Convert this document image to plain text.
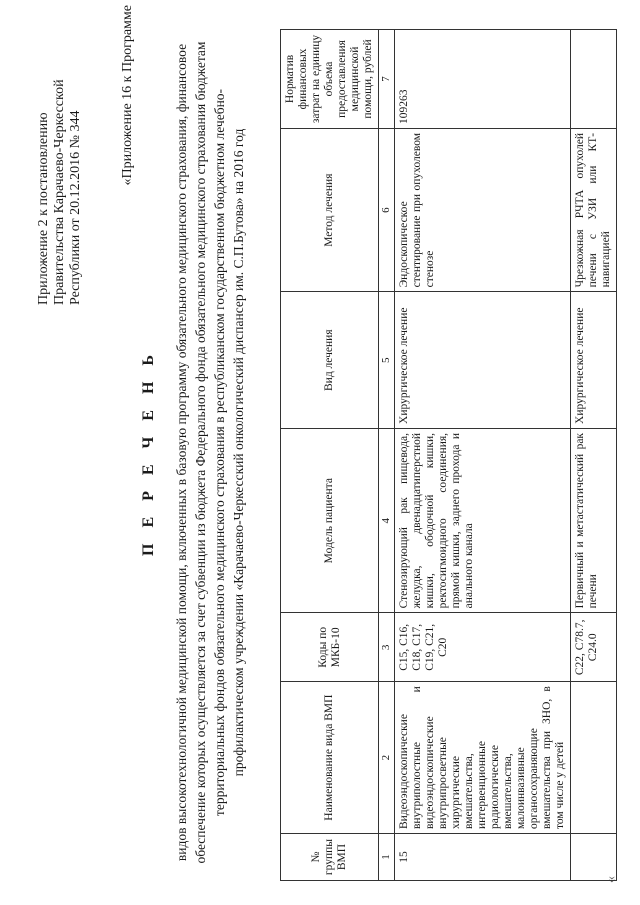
«
Приложение 2 к постановлению Правительства Карачаево-Черкесской Республики от 20.12.2016 № 344
«Приложение 16 к Программе
П Е Р Е Ч Е Н Ь видов высокотехнологичной медицинской помощи, включенных в базовую программу обязательного медицинского страхования, финансовое обеспечение которых осуществляется за счет субвенции из бюджета Федерального фонда обязательного медицинского страхования бюджетам территориальных фондов обязательного медицинского страхования в республиканском государственном бюджетном лечебно-профилактическом учреждении «Карачаево-Черкесский онкологический диспансер им. С.П.Бутова» на 2016 год
№ группы ВМП	Наименование вида ВМП	Коды по МКБ-10	Модель пациента	Вид лечения	Метод лечения	Норматив финансовых затрат на единицу объема предоставления медицинской помощи, рублей
1	2	3	4	5	6	7
15	Видеоэндоскопические внутриполостные и видеоэндоскопические внутрипросветные хирургические вмешательства, интервенционные радиологические вмешательства, малоинвазивные органосохраняющие вмешательства при ЗНО, в том числе у детей	C15, C16, C18, C17, C19, C21, C20	Стенозирующий рак пищевода, желудка, двенадцатиперстной кишки, ободочной кишки, ректосигмоидного соединения, прямой кишки, заднего прохода и анального канала	Хирургическое лечение	Эндоскопическое стентирование при опухолевом стенозе	109263
		C22, C78.7, C24.0	Первичный и метастатический рак печени	Хирургическое лечение	Чрезкожная РЧТА опухолей печени с УЗИ или КТ-навигацией	
